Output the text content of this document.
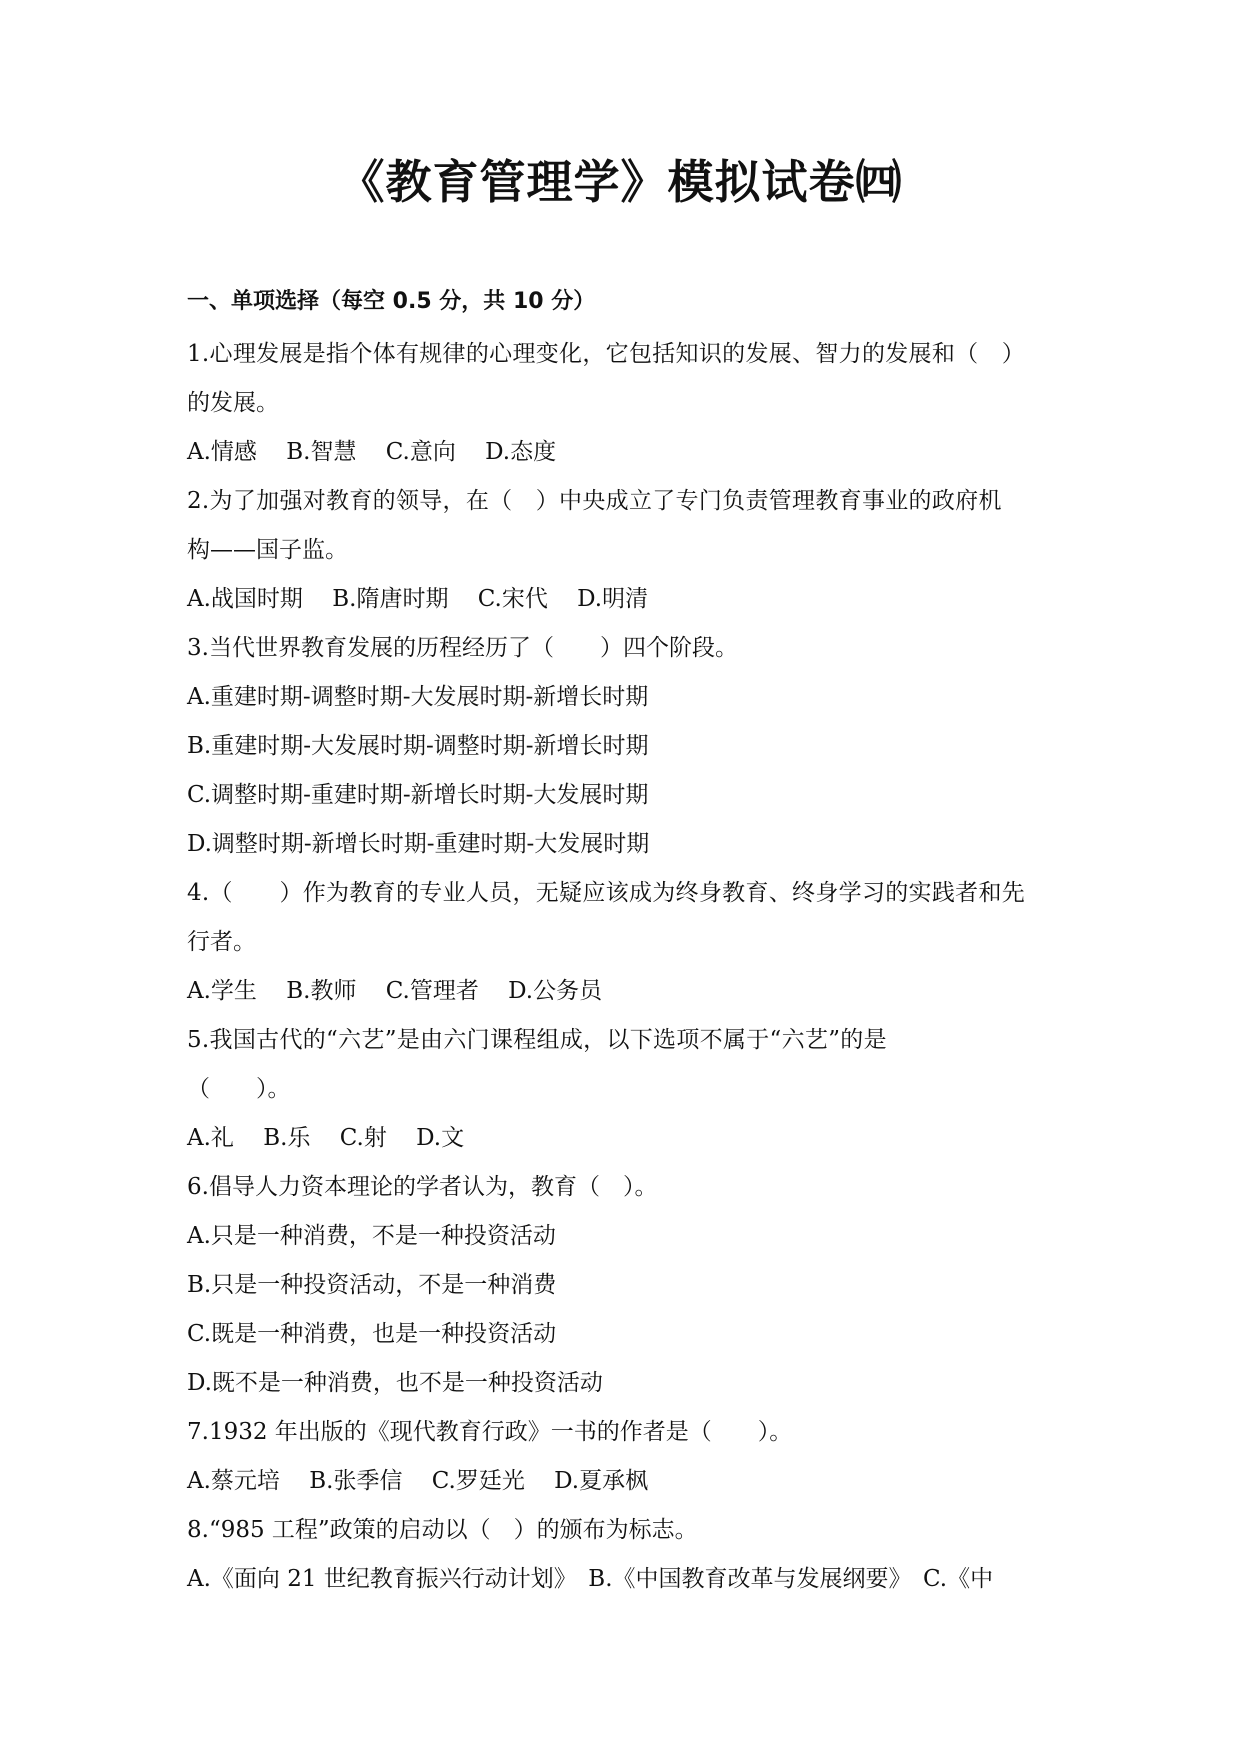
《教育管理学》模拟试卷㈣
一、单项选择（每空 0.5 分，共 10 分）
1.心理发展是指个体有规律的心理变化，它包括知识的发展、智力的发展和（　）
的发展。
A.情感 B.智慧 C.意向 D.态度
2.为了加强对教育的领导，在（　）中央成立了专门负责管理教育事业的政府机
构——国子监。
A.战国时期 B.隋唐时期 C.宋代 D.明清
3.当代世界教育发展的历程经历了（　　）四个阶段。
A.重建时期-调整时期-大发展时期-新增长时期
B.重建时期-大发展时期-调整时期-新增长时期
C.调整时期-重建时期-新增长时期-大发展时期
D.调整时期-新增长时期-重建时期-大发展时期
4.（　　）作为教育的专业人员，无疑应该成为终身教育、终身学习的实践者和先
行者。
A.学生 B.教师 C.管理者 D.公务员
5.我国古代的“六艺”是由六门课程组成，以下选项不属于“六艺”的是
（　　）。
A.礼 B.乐 C.射 D.文
6.倡导人力资本理论的学者认为，教育（　）。
A.只是一种消费，不是一种投资活动
B.只是一种投资活动，不是一种消费
C.既是一种消费，也是一种投资活动
D.既不是一种消费，也不是一种投资活动
7.1932 年出版的《现代教育行政》一书的作者是（　　）。
A.蔡元培 B.张季信 C.罗廷光 D.夏承枫
8.“985 工程”政策的启动以（　）的颁布为标志。
A.《面向 21 世纪教育振兴行动计划》　B.《中国教育改革与发展纲要》　C.《中
